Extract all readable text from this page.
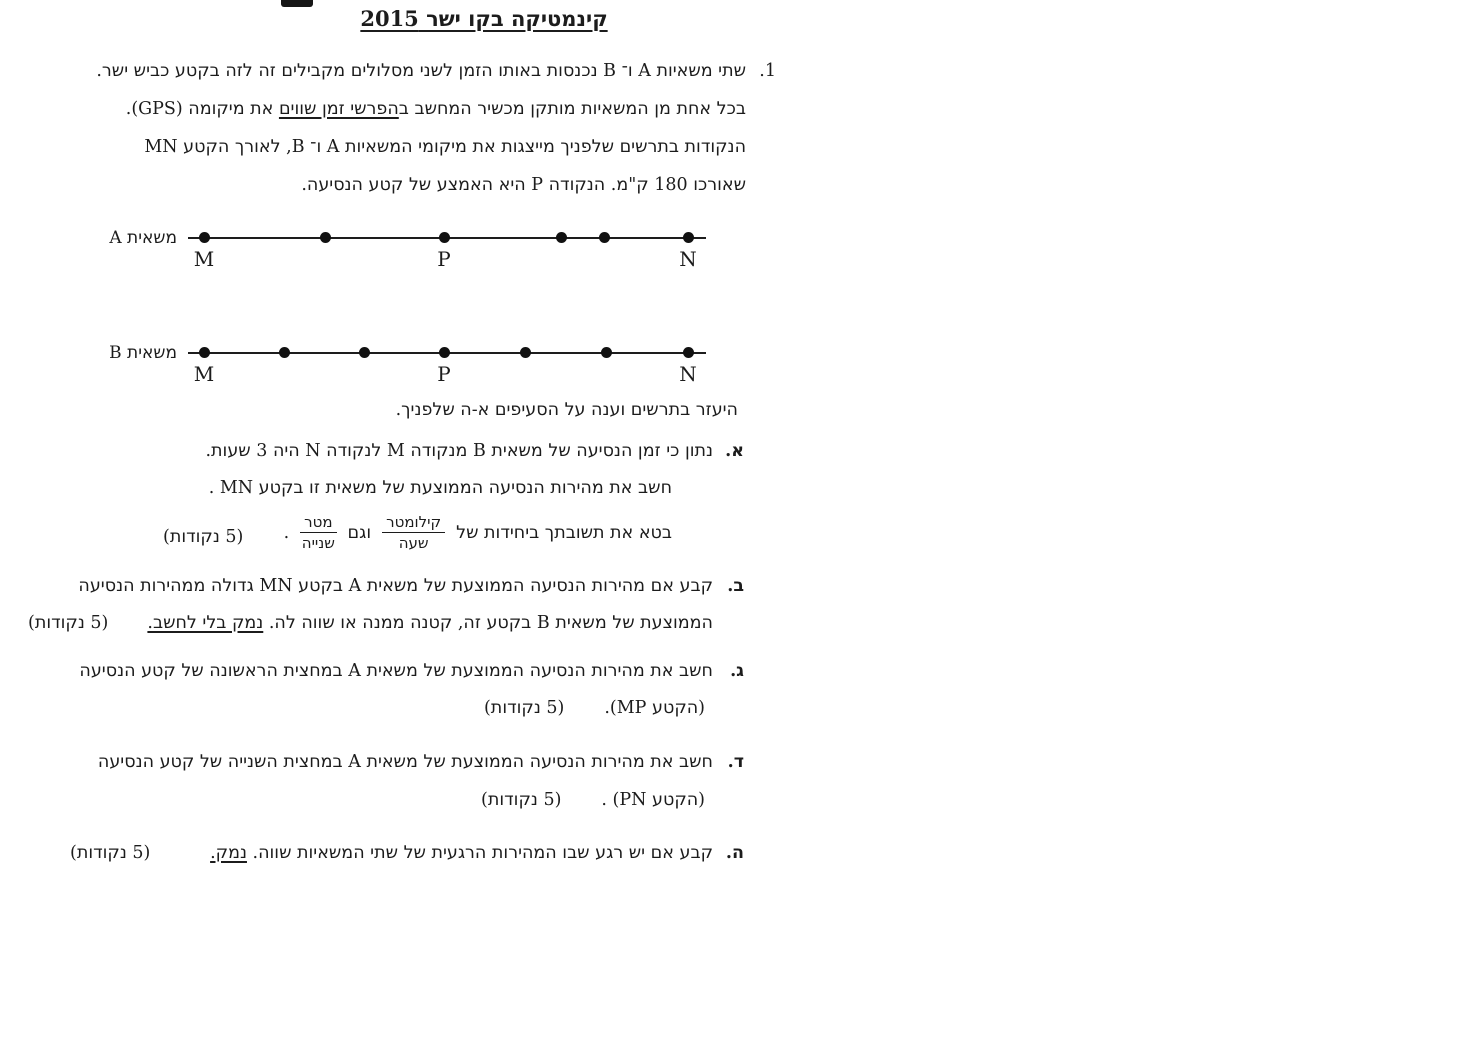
קינמטיקה בקו ישר 2015
1.
שתי משאיות A ו־ B נכנסות באותו הזמן לשני מסלולים מקבילים זה לזה בקטע כביש ישר.
בכל אחת מן המשאיות מותקן מכשיר המחשב בהפרשי זמן שווים את מיקומה (GPS).
הנקודות בתרשים שלפניך מייצגות את מיקומי המשאיות A ו־ B, לאורך הקטע MN
שאורכו 180 ק"מ. הנקודה P היא האמצע של קטע הנסיעה.
משאית A
M	P	N
משאית B
M	P	N
היעזר בתרשים וענה על הסעיפים א-ה שלפניך.
א.
נתון כי זמן הנסיעה של משאית B מנקודה M לנקודה N היה 3 שעות.
חשב את מהירות הנסיעה הממוצעת של משאית זו בקטע MN .
בטא את תשובתך ביחידות של
$\frac{\text{קילומטר}}{\text{שעה}}$
וגם
$\frac{\text{מטר}}{\text{שנייה}}$
.
(5 נקודות)
ב.
קבע אם מהירות הנסיעה הממוצעת של משאית A בקטע MN גדולה ממהירות הנסיעה
הממוצעת של משאית B בקטע זה, קטנה ממנה או שווה לה. נמק בלי לחשב.
(5 נקודות)
ג.
חשב את מהירות הנסיעה הממוצעת של משאית A במחצית הראשונה של קטע הנסיעה
(הקטע MP).(5 נקודות)
ד.
חשב את מהירות הנסיעה הממוצעת של משאית A במחצית השנייה של קטע הנסיעה
(הקטע PN) .(5 נקודות)
ה.
קבע אם יש רגע שבו המהירות הרגעית של שתי המשאיות שווה. נמק.
(5 נקודות)
